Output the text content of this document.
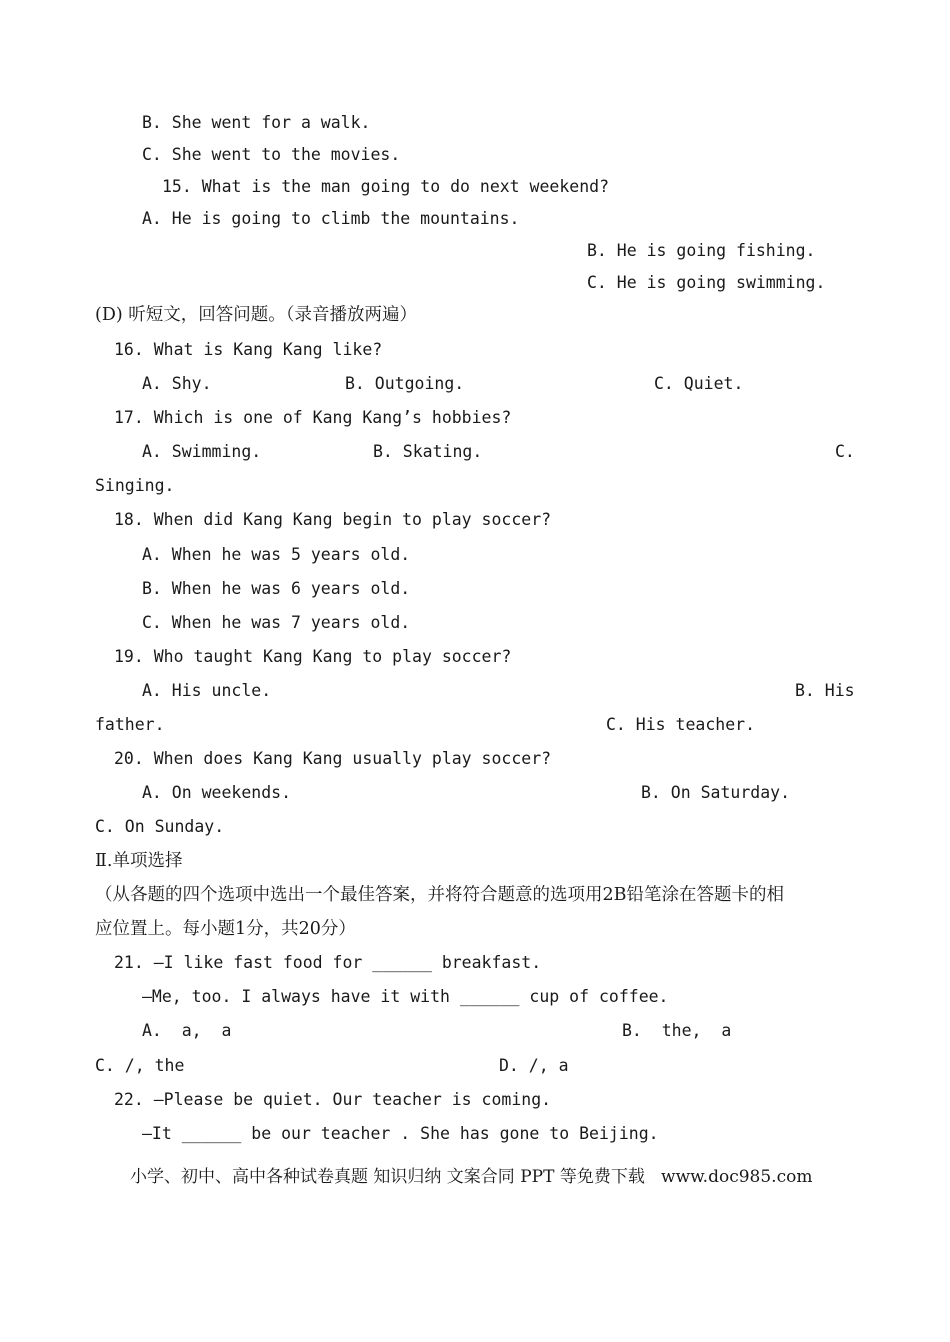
B. She went for a walk.
C. She went to the movies.
15. What is the man going to do next weekend?
A. He is going to climb the mountains.
B. He is going fishing.
C. He is going swimming.
(D) 听短文，回答问题。（录音播放两遍）
16. What is Kang Kang like?
A. Shy.	B. Outgoing.	C. Quiet.
17. Which is one of Kang Kang’s hobbies?
A. Swimming.	B. Skating.	C.
Singing.
18. When did Kang Kang begin to play soccer?
A. When he was 5 years old.
B. When he was 6 years old.
C. When he was 7 years old.
19. Who taught Kang Kang to play soccer?
A. His uncle.	B. His
father.	C. His teacher.
20. When does Kang Kang usually play soccer?
A. On weekends.	B. On Saturday.
C. On Sunday.
Ⅱ.单项选择
（从各题的四个选项中选出一个最佳答案，并将符合题意的选项用2B铅笔涂在答题卡的相
应位置上。每小题1分，共20分）
21. —I like fast food for ______ breakfast.
—Me, too. I always have it with ______ cup of coffee.
A.  a,  a	B.  the,  a
C. /, the	D. /, a
22. —Please be quiet. Our teacher is coming.
—It ______ be our teacher . She has gone to Beijing.
小学、初中、高中各种试卷真题 知识归纳 文案合同 PPT 等免费下载   www.doc985.com
